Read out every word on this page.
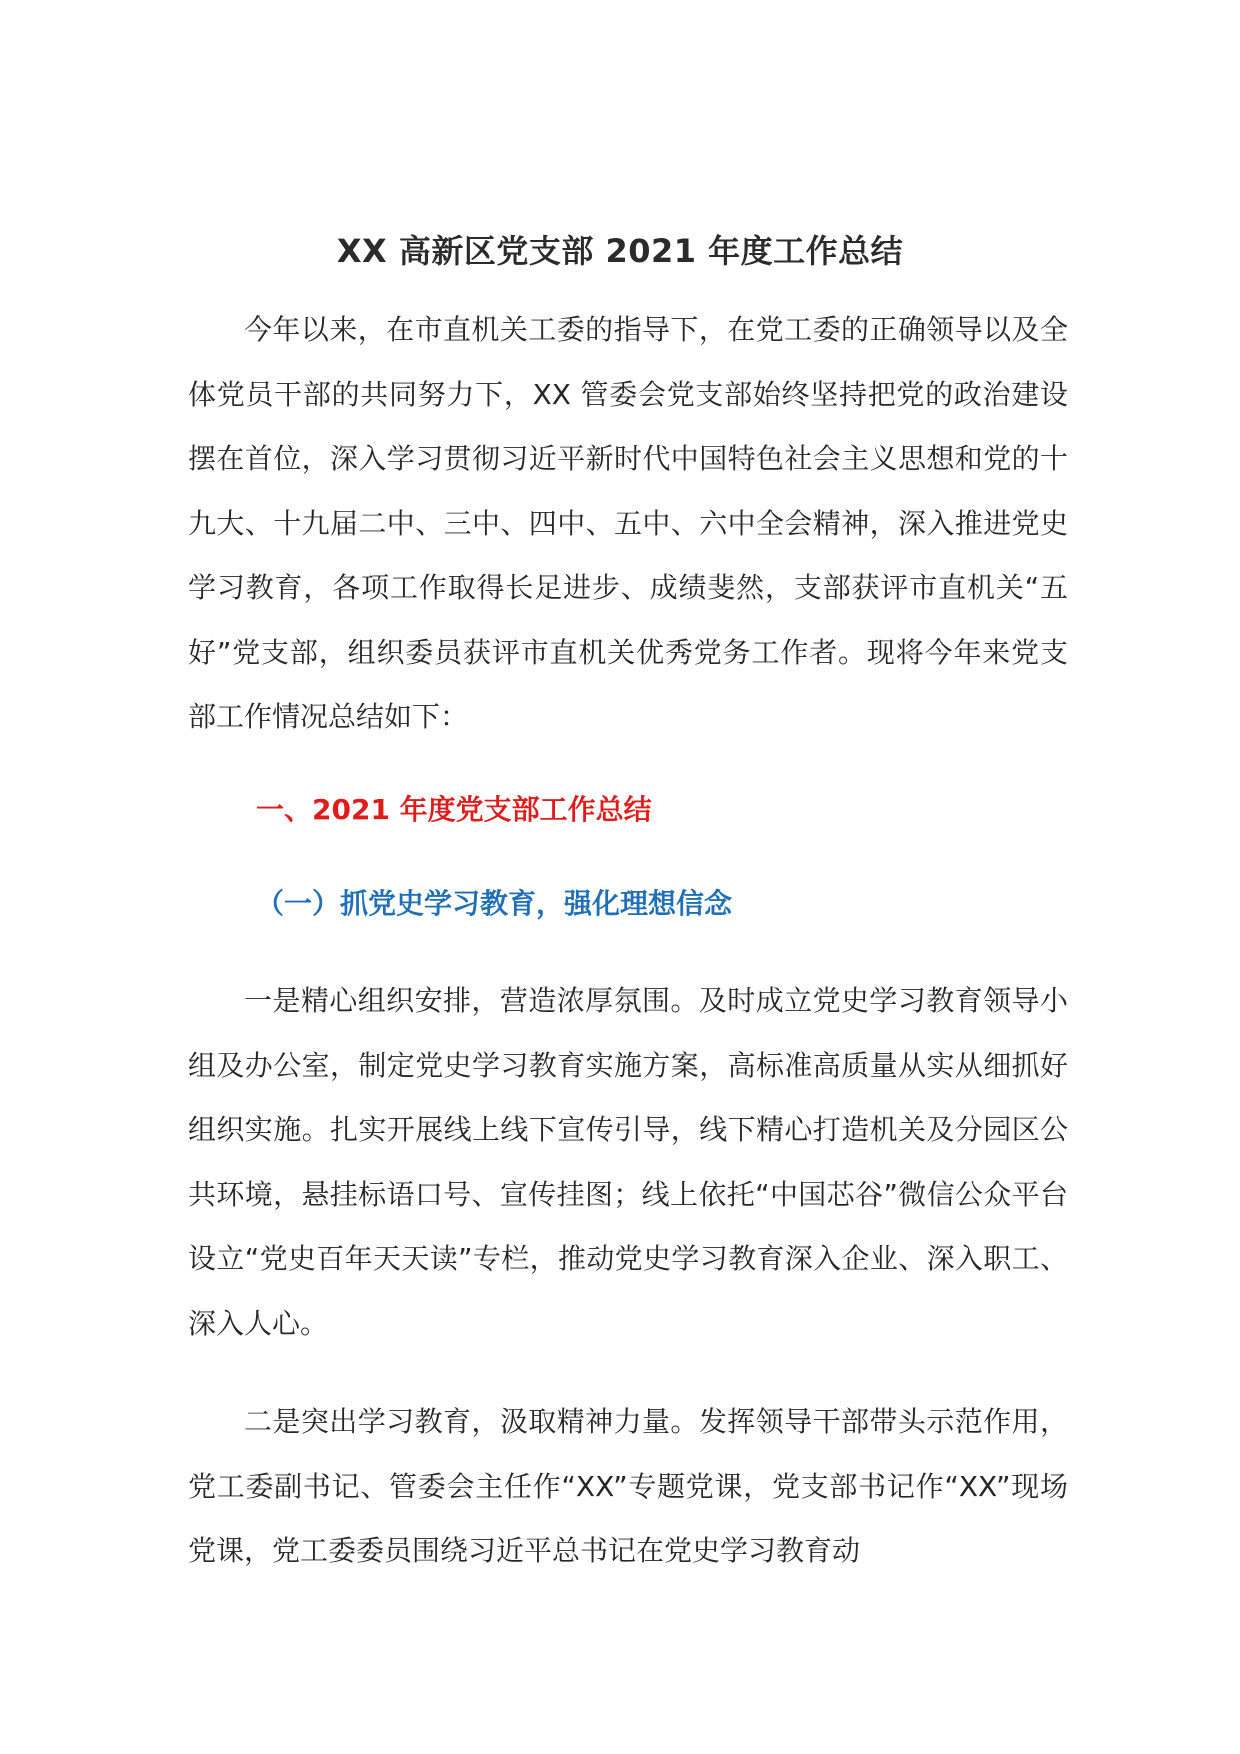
XX 高新区党支部 2021 年度工作总结

今年以来，在市直机关工委的指导下，在党工委的正确领导以及全体党员干部的共同努力下，XX 管委会党支部始终坚持把党的政治建设摆在首位，深入学习贯彻习近平新时代中国特色社会主义思想和党的十九大、十九届二中、三中、四中、五中、六中全会精神，深入推进党史学习教育，各项工作取得长足进步、成绩斐然，支部获评市直机关“五好”党支部，组织委员获评市直机关优秀党务工作者。现将今年来党支部工作情况总结如下：

一、2021 年度党支部工作总结
（一）抓党史学习教育，强化理想信念

一是精心组织安排，营造浓厚氛围。及时成立党史学习教育领导小组及办公室，制定党史学习教育实施方案，高标准高质量从实从细抓好组织实施。扎实开展线上线下宣传引导，线下精心打造机关及分园区公共环境，悬挂标语口号、宣传挂图；线上依托“中国芯谷”微信公众平台设立“党史百年天天读”专栏，推动党史学习教育深入企业、深入职工、深入人心。

二是突出学习教育，汲取精神力量。发挥领导干部带头示范作用，党工委副书记、管委会主任作“XX”专题党课，党支部书记作“XX”现场党课，党工委委员围绕习近平总书记在党史学习教育动
